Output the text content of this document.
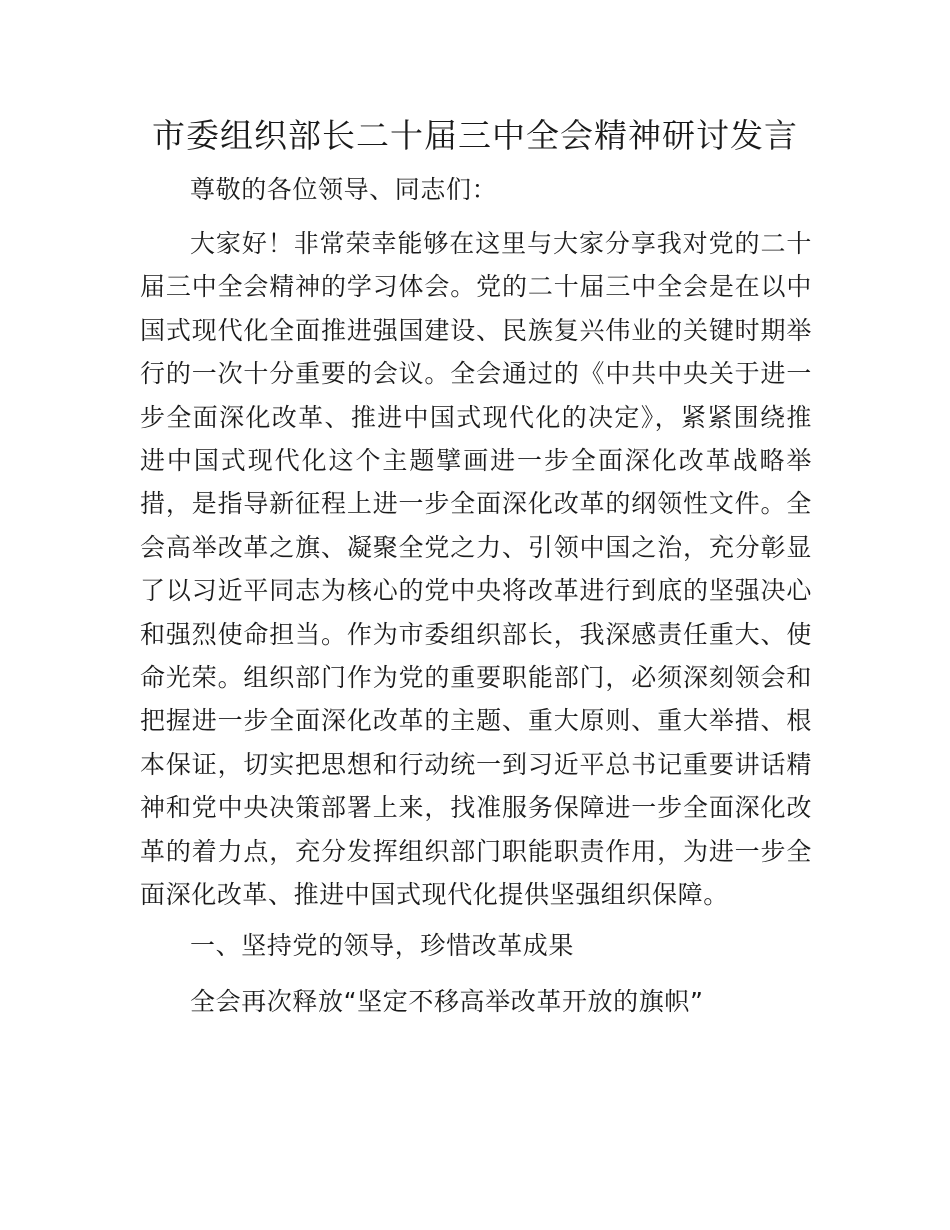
市委组织部长二十届三中全会精神研讨发言

尊敬的各位领导、同志们：

大家好！非常荣幸能够在这里与大家分享我对党的二十届三中全会精神的学习体会。党的二十届三中全会是在以中国式现代化全面推进强国建设、民族复兴伟业的关键时期举行的一次十分重要的会议。全会通过的《中共中央关于进一步全面深化改革、推进中国式现代化的决定》，紧紧围绕推进中国式现代化这个主题擘画进一步全面深化改革战略举措，是指导新征程上进一步全面深化改革的纲领性文件。全会高举改革之旗、凝聚全党之力、引领中国之治，充分彰显了以习近平同志为核心的党中央将改革进行到底的坚强决心和强烈使命担当。作为市委组织部长，我深感责任重大、使命光荣。组织部门作为党的重要职能部门，必须深刻领会和把握进一步全面深化改革的主题、重大原则、重大举措、根本保证，切实把思想和行动统一到习近平总书记重要讲话精神和党中央决策部署上来，找准服务保障进一步全面深化改革的着力点，充分发挥组织部门职能职责作用，为进一步全面深化改革、推进中国式现代化提供坚强组织保障。

一、坚持党的领导，珍惜改革成果

全会再次释放“坚定不移高举改革开放的旗帜”
